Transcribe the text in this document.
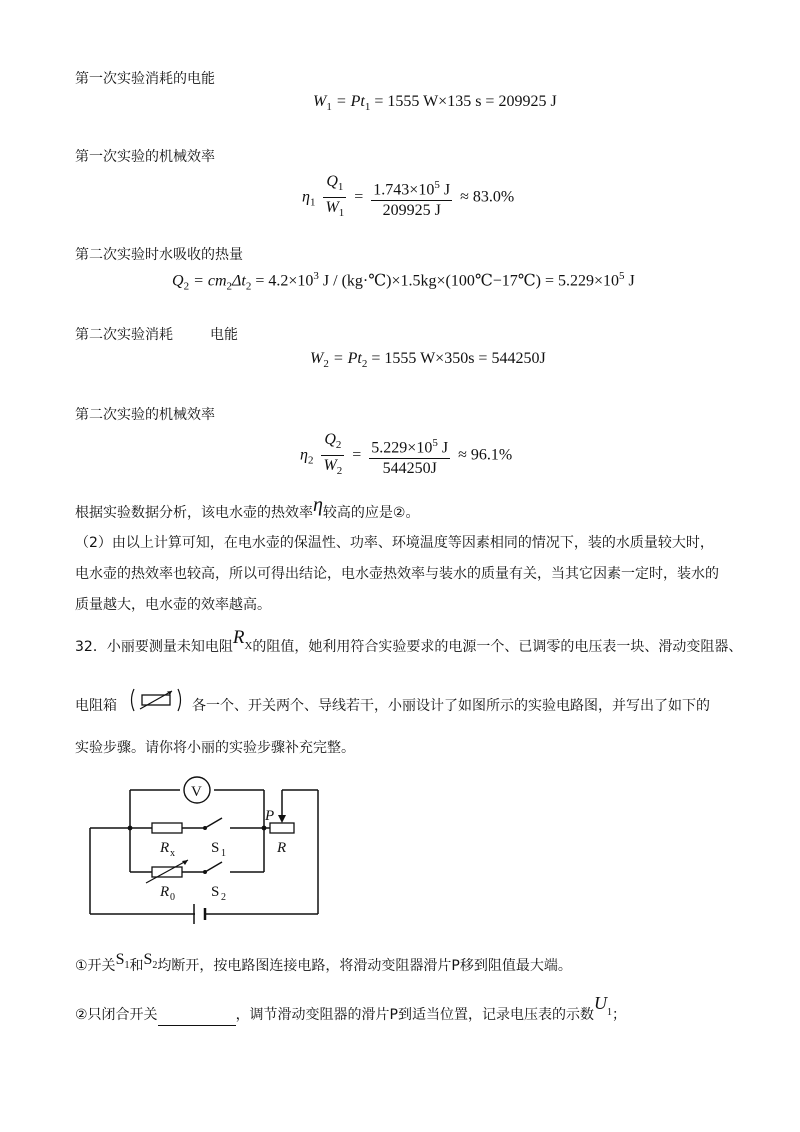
第一次实验消耗的电能
$W_1 = Pt_1 = 1555$ W×135 s = 209925 J
第一次实验的机械效率
$\eta_1 \frac{Q_1}{W_1} = \frac{1.743\times 10^5 J}{209925 J} \approx 83.0\%$
第二次实验时水吸收的热量
$Q_2 = cm_2\Delta t_2 = 4.2\times 10^3$ J / (kg·℃)×1.5kg×(100℃−17℃) = $5.229\times 10^5$ J
第二次实验消耗	电能
$W_2 = Pt_2 = 1555$ W×350s = 544250J
第二次实验的机械效率
$\eta_2 \frac{Q_2}{W_2} = \frac{5.229\times 10^5 J}{544250J} \approx 96.1\%$
根据实验数据分析，该电水壶的热效率η较高的应是②。
（2）由以上计算可知，在电水壶的保温性、功率、环境温度等因素相同的情况下，装的水质量较大时，
电水壶的热效率也较高，所以可得出结论，电水壶热效率与装水的质量有关，当其它因素一定时，装水的
质量越大，电水壶的效率越高。
32．小丽要测量未知电阻$R_X$的阻值，她利用符合实验要求的电源一个、已调零的电压表一块、滑动变阻器、
电阻箱	各一个、开关两个、导线若干，小丽设计了如图所示的实验电路图，并写出了如下的
实验步骤。请你将小丽的实验步骤补充完整。
V
P
R
R x S 1
R 0 S 2
①开关$S_1$和$S_2$均断开，按电路图连接电路，将滑动变阻器滑片P移到阻值最大端。
②只闭合开关	，调节滑动变阻器的滑片P到适当位置，记录电压表的示数$U_1$；
